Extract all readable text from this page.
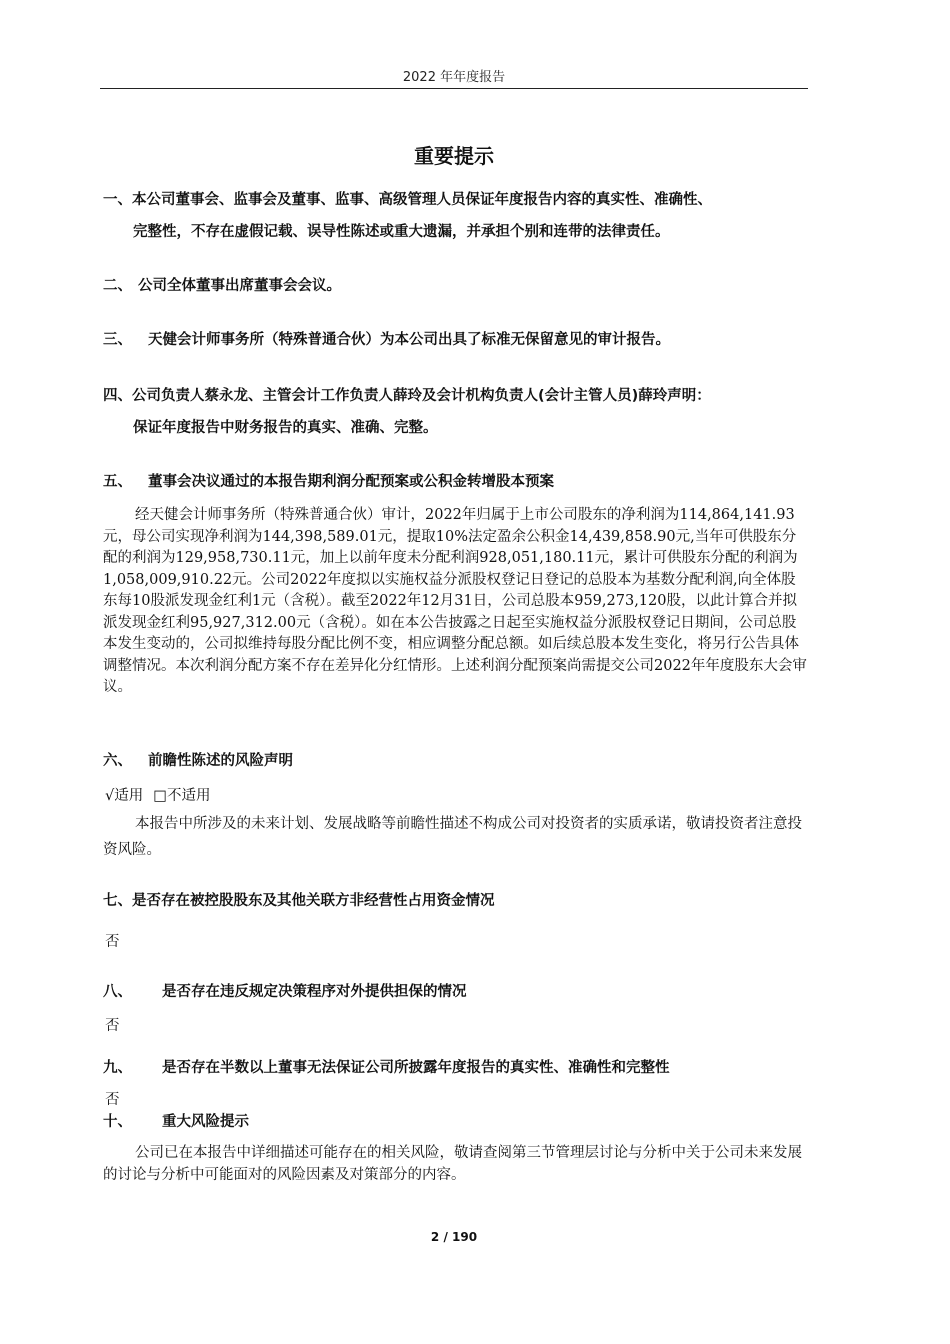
2022 年年度报告
重要提示
一、本公司董事会、监事会及董事、监事、高级管理人员保证年度报告内容的真实性、准确性、
完整性，不存在虚假记载、误导性陈述或重大遗漏，并承担个别和连带的法律责任。
二、 公司全体董事出席董事会会议。
三、 天健会计师事务所（特殊普通合伙）为本公司出具了标准无保留意见的审计报告。
四、公司负责人蔡永龙、主管会计工作负责人薛玲及会计机构负责人(会计主管人员)薛玲声明：
保证年度报告中财务报告的真实、准确、完整。
五、 董事会决议通过的本报告期利润分配预案或公积金转增股本预案
经天健会计师事务所（特殊普通合伙）审计，2022年归属于上市公司股东的净利润为114,864,141.93元，母公司实现净利润为144,398,589.01元，提取10%法定盈余公积金14,439,858.90元,当年可供股东分配的利润为129,958,730.11元，加上以前年度未分配利润928,051,180.11元，累计可供股东分配的利润为1,058,009,910.22元。公司2022年度拟以实施权益分派股权登记日登记的总股本为基数分配利润,向全体股东每10股派发现金红利1元（含税）。截至2022年12月31日，公司总股本959,273,120股，以此计算合并拟派发现金红利95,927,312.00元（含税）。如在本公告披露之日起至实施权益分派股权登记日期间，公司总股本发生变动的，公司拟维持每股分配比例不变，相应调整分配总额。如后续总股本发生变化，将另行公告具体调整情况。本次利润分配方案不存在差异化分红情形。上述利润分配预案尚需提交公司2022年年度股东大会审议。
六、 前瞻性陈述的风险声明
√适用 □不适用
本报告中所涉及的未来计划、发展战略等前瞻性描述不构成公司对投资者的实质承诺，敬请投资者注意投资风险。
七、是否存在被控股股东及其他关联方非经营性占用资金情况
否
八、 是否存在违反规定决策程序对外提供担保的情况
否
九、 是否存在半数以上董事无法保证公司所披露年度报告的真实性、准确性和完整性
否
十、 重大风险提示
公司已在本报告中详细描述可能存在的相关风险，敬请查阅第三节管理层讨论与分析中关于公司未来发展的讨论与分析中可能面对的风险因素及对策部分的内容。
2 / 190
